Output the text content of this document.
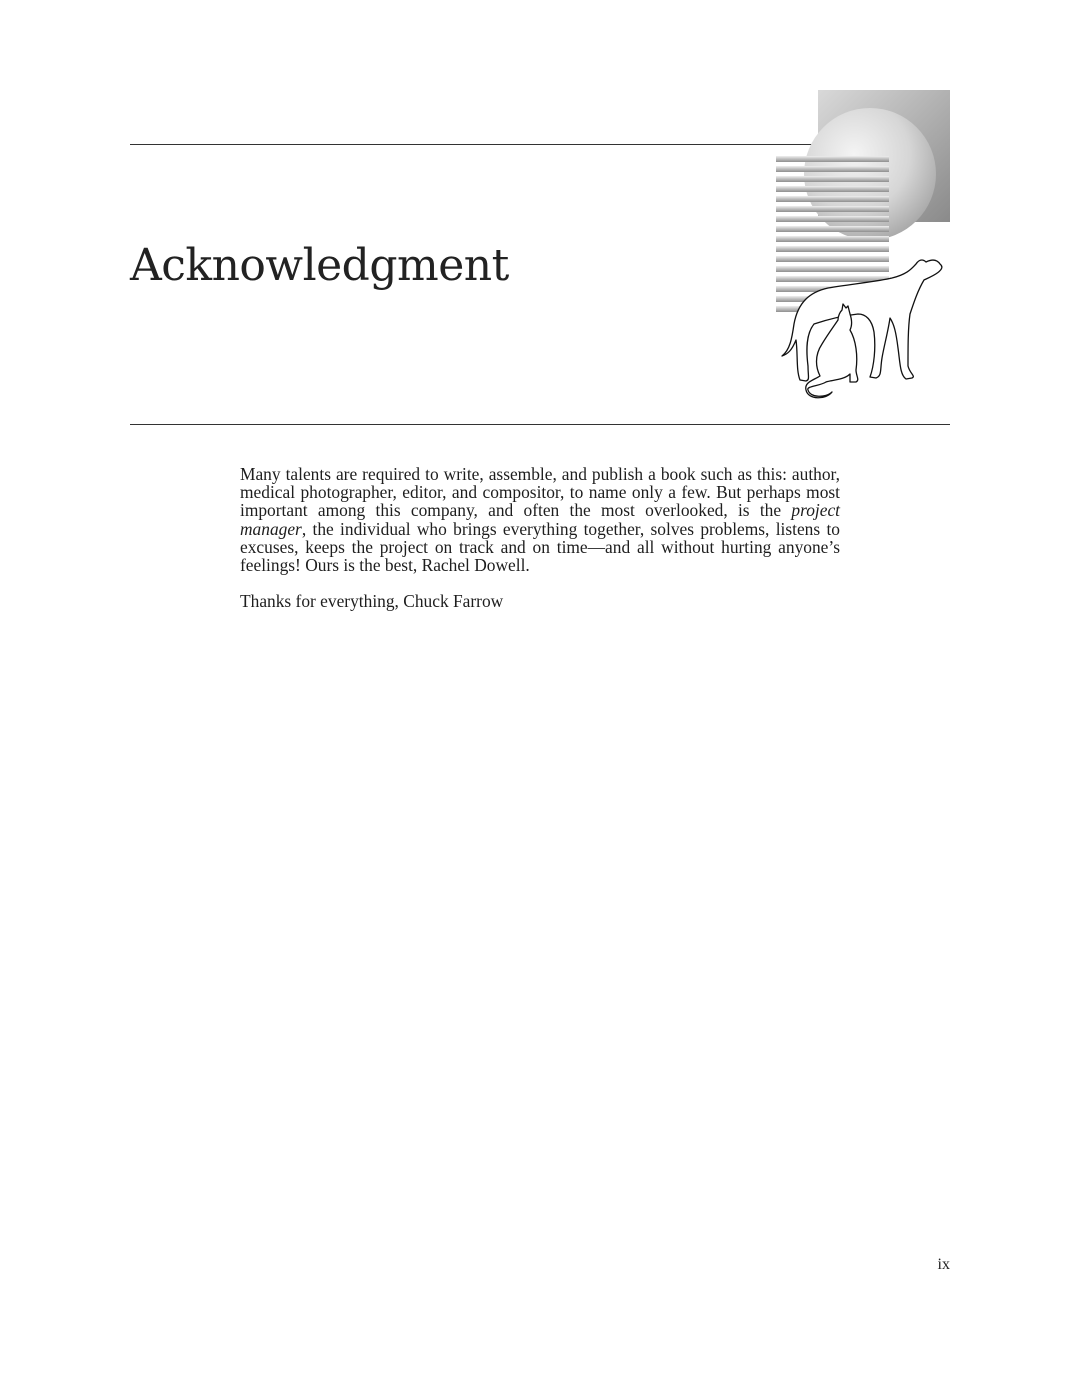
Acknowledgment

Many talents are required to write, assemble, and publish a book such as this: author, medical photographer, editor, and compositor, to name only a few. But perhaps most important among this company, and often the most overlooked, is the project manager, the individual who brings everything together, solves problems, listens to excuses, keeps the project on track and on time—and all without hurting anyone’s feelings! Ours is the best, Rachel Dowell.

Thanks for everything, Chuck Farrow

ix
